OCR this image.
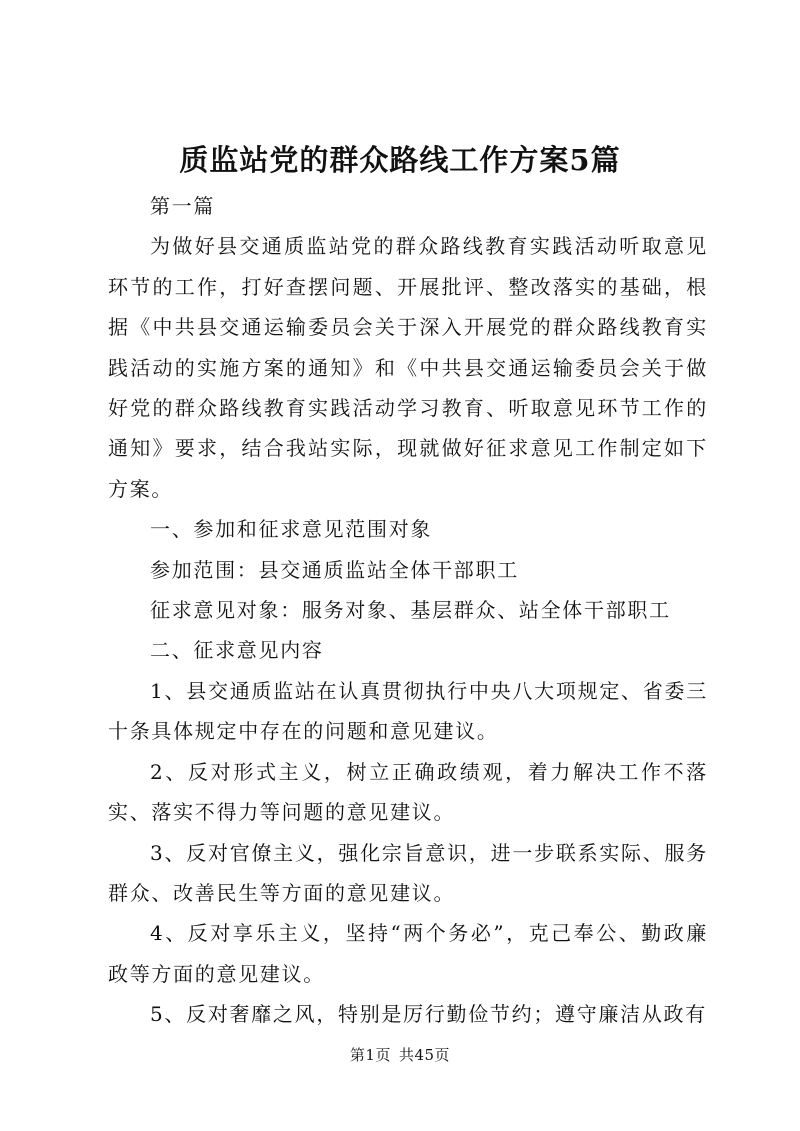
质监站党的群众路线工作方案5篇

第一篇

为做好县交通质监站党的群众路线教育实践活动听取意见环节的工作，打好查摆问题、开展批评、整改落实的基础，根据《中共县交通运输委员会关于深入开展党的群众路线教育实践活动的实施方案的通知》和《中共县交通运输委员会关于做好党的群众路线教育实践活动学习教育、听取意见环节工作的通知》要求，结合我站实际，现就做好征求意见工作制定如下方案。

一、参加和征求意见范围对象

参加范围：县交通质监站全体干部职工

征求意见对象：服务对象、基层群众、站全体干部职工

二、征求意见内容

1、县交通质监站在认真贯彻执行中央八大项规定、省委三十条具体规定中存在的问题和意见建议。

2、反对形式主义，树立正确政绩观，着力解决工作不落实、落实不得力等问题的意见建议。

3、反对官僚主义，强化宗旨意识，进一步联系实际、服务群众、改善民生等方面的意见建议。

4、反对享乐主义，坚持“两个务必”，克己奉公、勤政廉政等方面的意见建议。

5、反对奢靡之风，特别是厉行勤俭节约；遵守廉洁从政有

第1页 共45页
